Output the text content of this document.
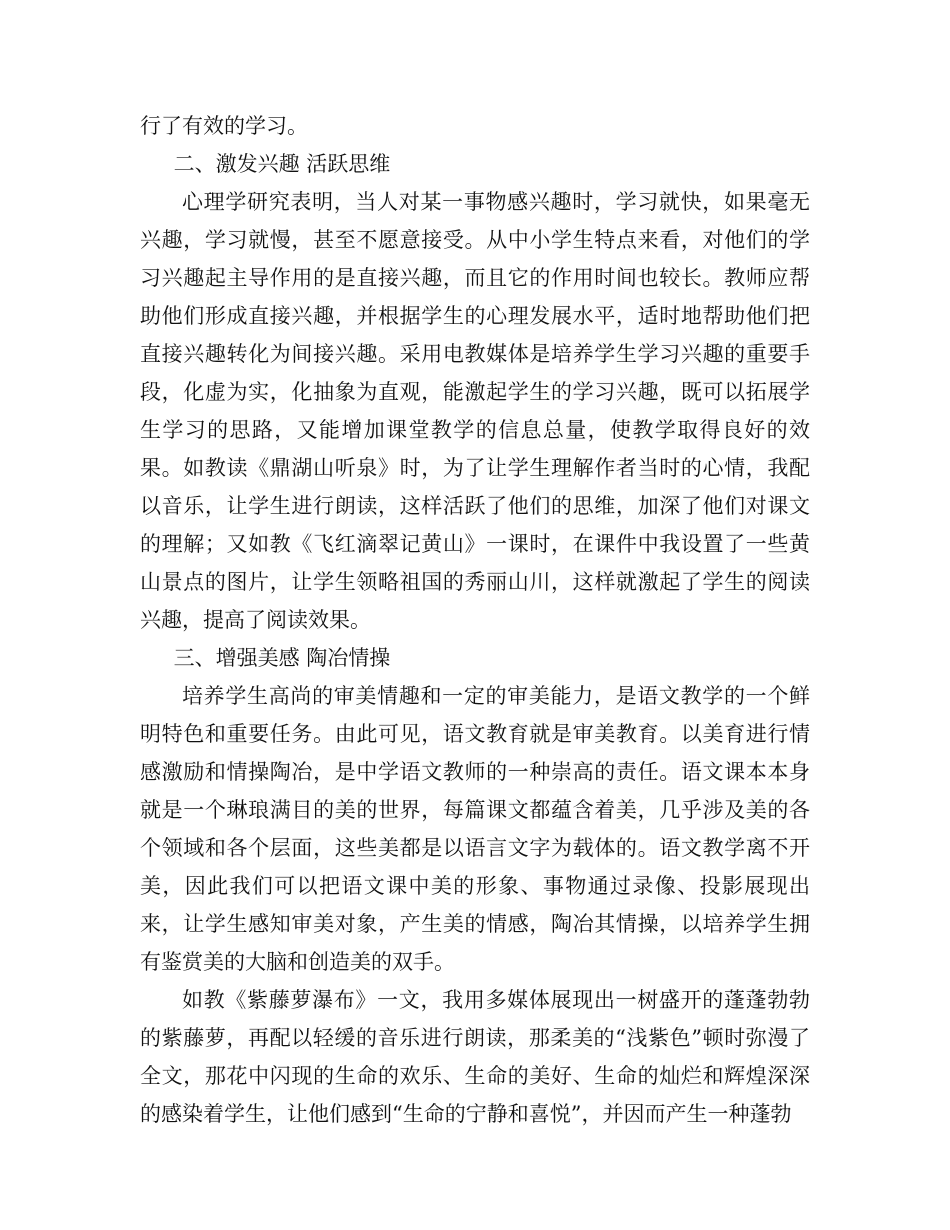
行了有效的学习。

二、激发兴趣 活跃思维

心理学研究表明，当人对某一事物感兴趣时，学习就快，如果毫无兴趣，学习就慢，甚至不愿意接受。从中小学生特点来看，对他们的学习兴趣起主导作用的是直接兴趣，而且它的作用时间也较长。教师应帮助他们形成直接兴趣，并根据学生的心理发展水平，适时地帮助他们把直接兴趣转化为间接兴趣。采用电教媒体是培养学生学习兴趣的重要手段，化虚为实，化抽象为直观，能激起学生的学习兴趣，既可以拓展学生学习的思路，又能增加课堂教学的信息总量，使教学取得良好的效果。如教读《鼎湖山听泉》时，为了让学生理解作者当时的心情，我配以音乐，让学生进行朗读，这样活跃了他们的思维，加深了他们对课文的理解；又如教《飞红滴翠记黄山》一课时，在课件中我设置了一些黄山景点的图片，让学生领略祖国的秀丽山川，这样就激起了学生的阅读兴趣，提高了阅读效果。

三、增强美感 陶冶情操

培养学生高尚的审美情趣和一定的审美能力，是语文教学的一个鲜明特色和重要任务。由此可见，语文教育就是审美教育。以美育进行情感激励和情操陶冶，是中学语文教师的一种崇高的责任。语文课本本身就是一个琳琅满目的美的世界，每篇课文都蕴含着美，几乎涉及美的各个领域和各个层面，这些美都是以语言文字为载体的。语文教学离不开美，因此我们可以把语文课中美的形象、事物通过录像、投影展现出来，让学生感知审美对象，产生美的情感，陶冶其情操，以培养学生拥有鉴赏美的大脑和创造美的双手。

如教《紫藤萝瀑布》一文，我用多媒体展现出一树盛开的蓬蓬勃勃的紫藤萝，再配以轻缓的音乐进行朗读，那柔美的“浅紫色”顿时弥漫了全文，那花中闪现的生命的欢乐、生命的美好、生命的灿烂和辉煌深深的感染着学生，让他们感到“生命的宁静和喜悦”，并因而产生一种蓬勃
